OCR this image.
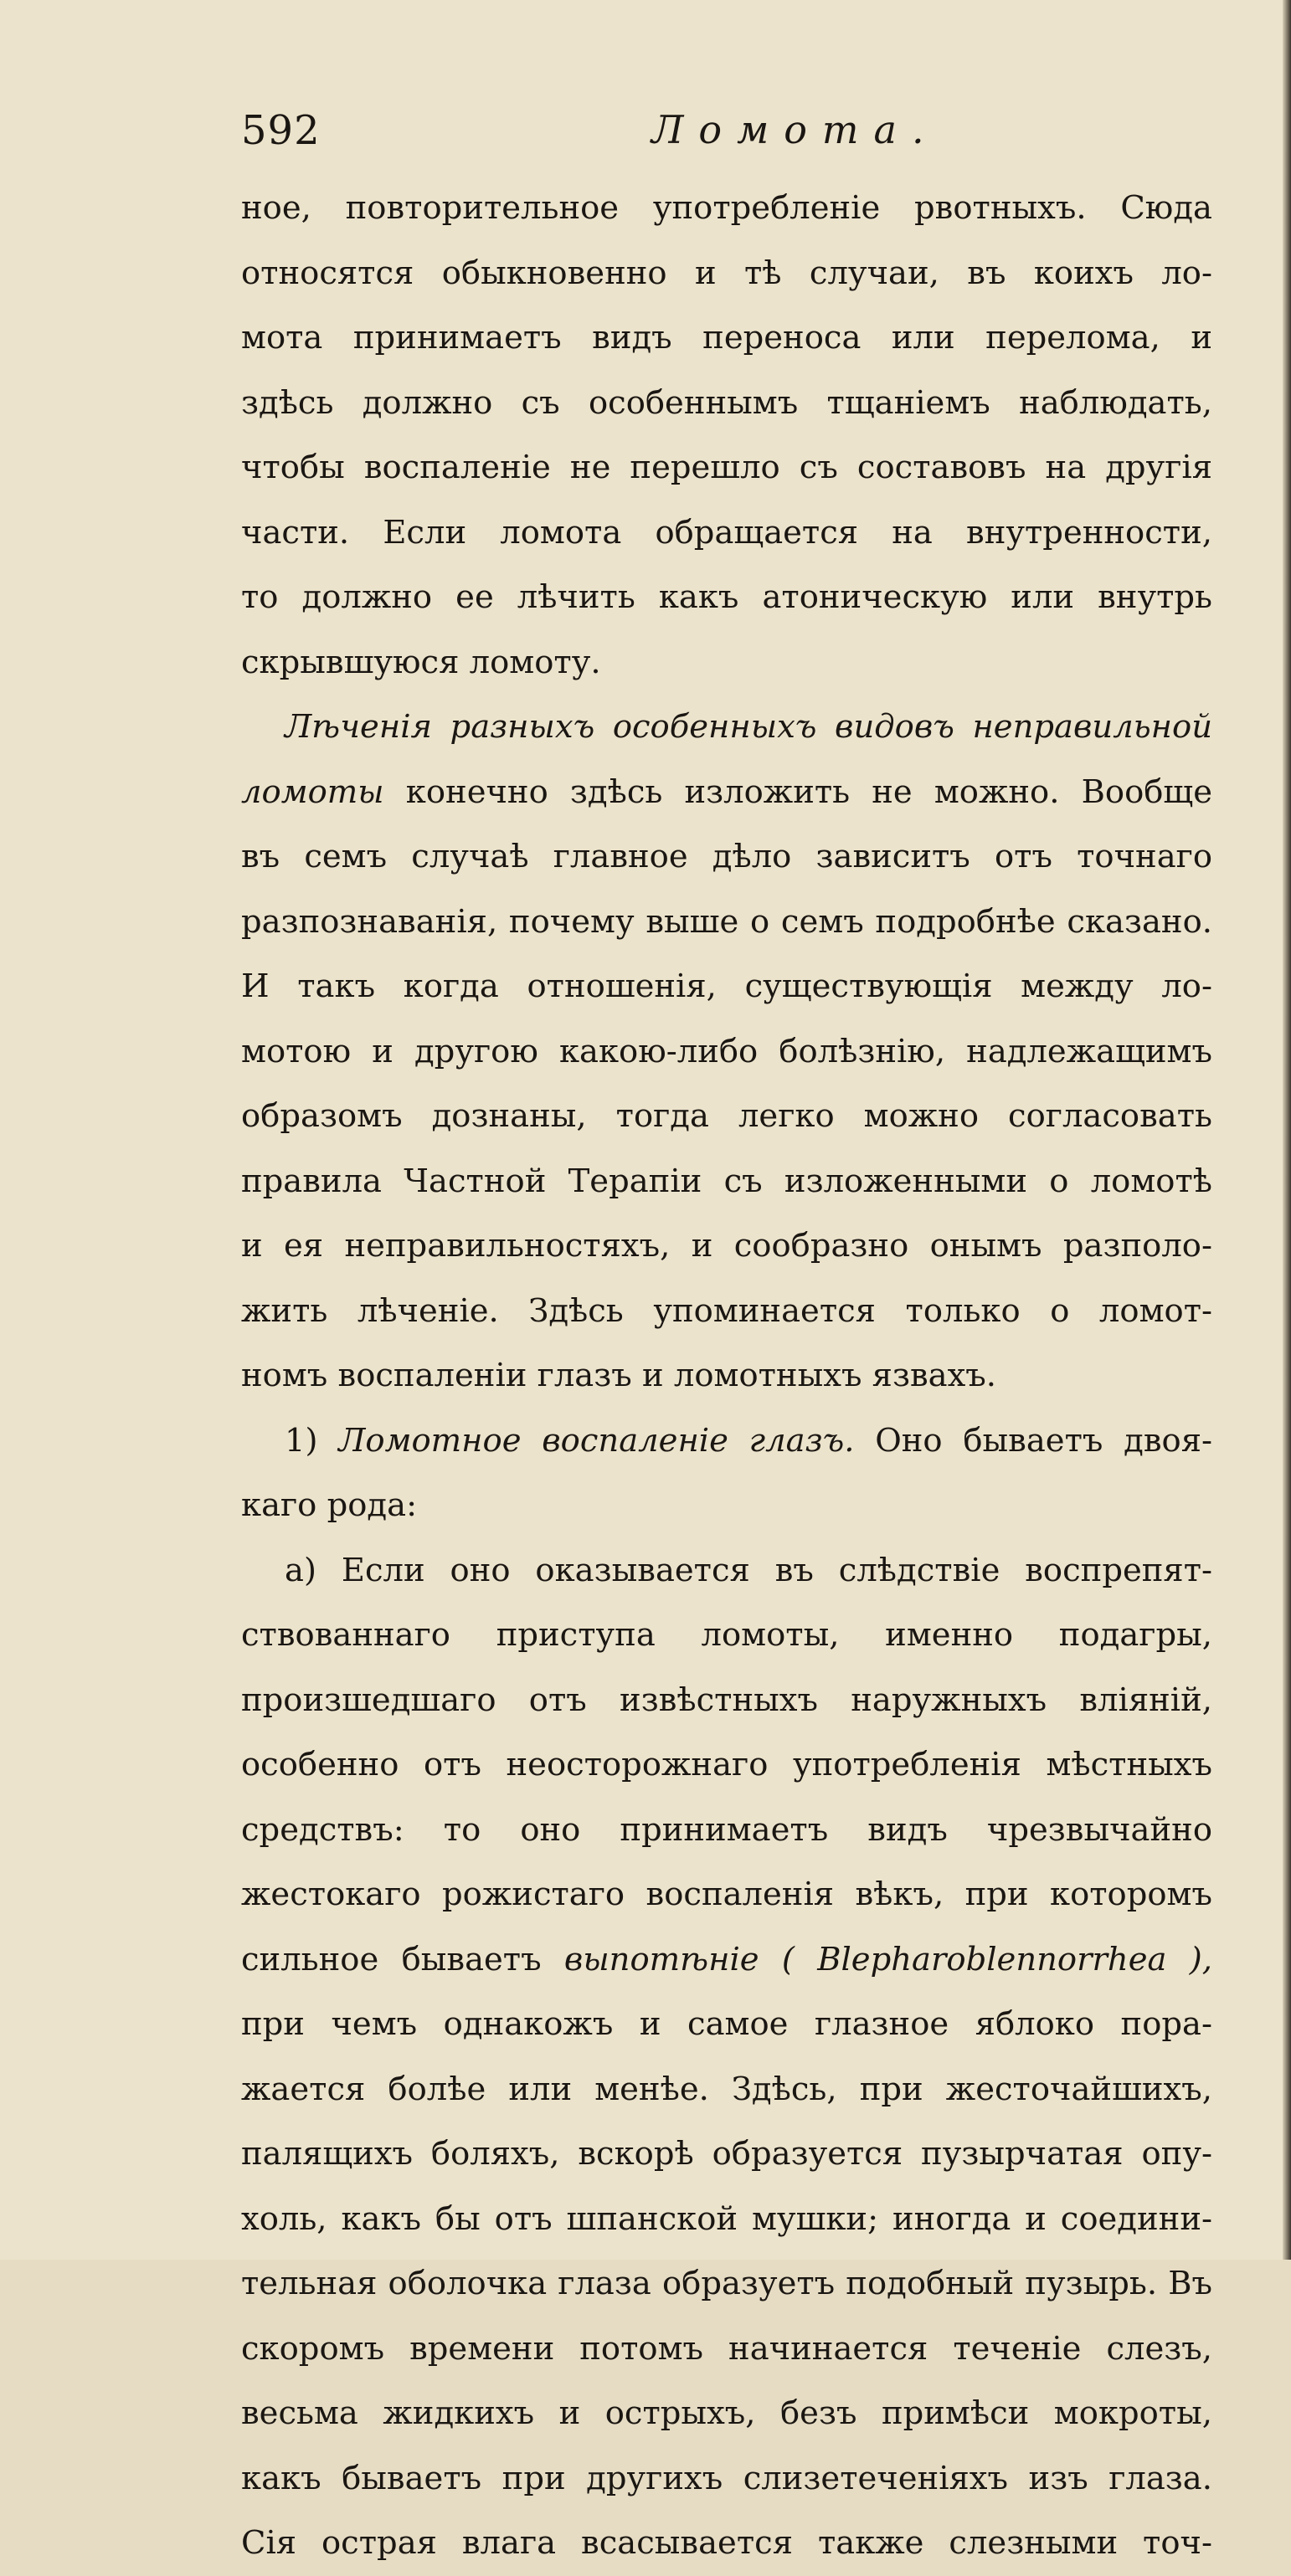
592	Ломота.
ное, повторительное употребленіе рвотныхъ. Сюда
относятся обыкновенно и тѣ случаи, въ коихъ ло-
мота принимаетъ видъ переноса или перелома, и
здѣсь должно съ особеннымъ тщаніемъ наблюдать,
чтобы воспаленіе не перешло съ составовъ на другія
части. Если ломота обращается на внутренности,
то должно ее лѣчить какъ атоническую или внутрь
скрывшуюся ломоту.
Лѣченія разныхъ особенныхъ видовъ неправильной
ломоты конечно здѣсь изложить не можно. Вообще
въ семъ случаѣ главное дѣло зависитъ отъ точнаго
разпознаванія, почему выше о семъ подробнѣе сказано.
И такъ когда отношенія, существующія между ло-
мотою и другою какою-либо болѣзнію, надлежащимъ
образомъ дознаны, тогда легко можно согласовать
правила Частной Терапіи съ изложенными о ломотѣ
и ея неправильностяхъ, и сообразно онымъ разполо-
жить лѣченіе. Здѣсь упоминается только о ломот-
номъ воспаленіи глазъ и ломотныхъ язвахъ.
1) Ломотное воспаленіе глазъ. Оно бываетъ двоя-
каго рода:
а) Если оно оказывается въ слѣдствіе воспрепят-
ствованнаго приступа ломоты, именно подагры,
произшедшаго отъ извѣстныхъ наружныхъ вліяній,
особенно отъ неосторожнаго употребленія мѣстныхъ
средствъ: то оно принимаетъ видъ чрезвычайно
жестокаго рожистаго воспаленія вѣкъ, при которомъ
сильное бываетъ выпотѣніе ( Blepharoblennorrhea ),
при чемъ однакожъ и самое глазное яблоко пора-
жается болѣе или менѣе. Здѣсь, при жесточайшихъ,
палящихъ боляхъ, вскорѣ образуется пузырчатая опу-
холь, какъ бы отъ шпанской мушки; иногда и соедини-
тельная оболочка глаза образуетъ подобный пузырь. Въ
скоромъ времени потомъ начинается теченіе слезъ,
весьма жидкихъ и острыхъ, безъ примѣси мокроты,
какъ бываетъ при другихъ слизетеченіяхъ изъ глаза.
Сія острая влага всасывается также слезными точ-
